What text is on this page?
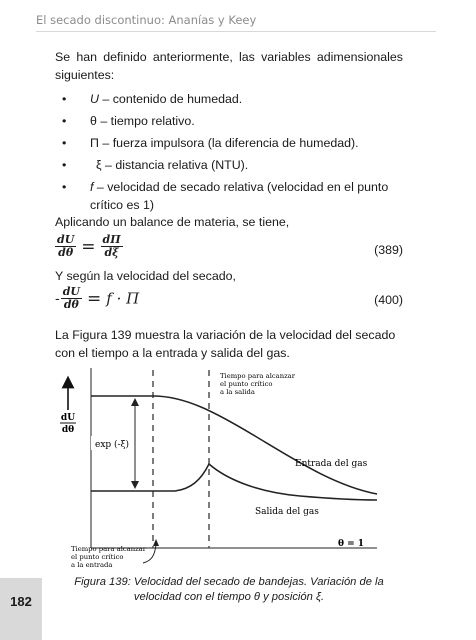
El secado discontinuo: Ananías y Keey

Se han definido anteriormente, las variables adimensionales siguientes:

• U – contenido de humedad.
• θ – tiempo relativo.
• Π – fuerza impulsora (la diferencia de humedad).
• ξ – distancia relativa (NTU).
• f – velocidad de secado relativa (velocidad en el punto crítico es 1)

Aplicando un balance de materia, se tiene,

$\frac{dU}{d\theta} = \frac{d\Pi}{d\xi}$	(389)

Y según la velocidad del secado,

- $\frac{dU}{d\theta} = f \cdot \Pi$	(400)

La Figura 139 muestra la variación de la velocidad del secado con el tiempo a la entrada y salida del gas.

dU
dθ
exp (-ξ)
Tiempo para alcanzar
el punto crítico
a la salida
Entrada del gas
Salida del gas
θ = 1
Tiempo para alcanzar
el punto crítico
a la entrada

Figura 139: Velocidad del secado de bandejas. Variación de la velocidad con el tiempo θ y posición ξ.

182
